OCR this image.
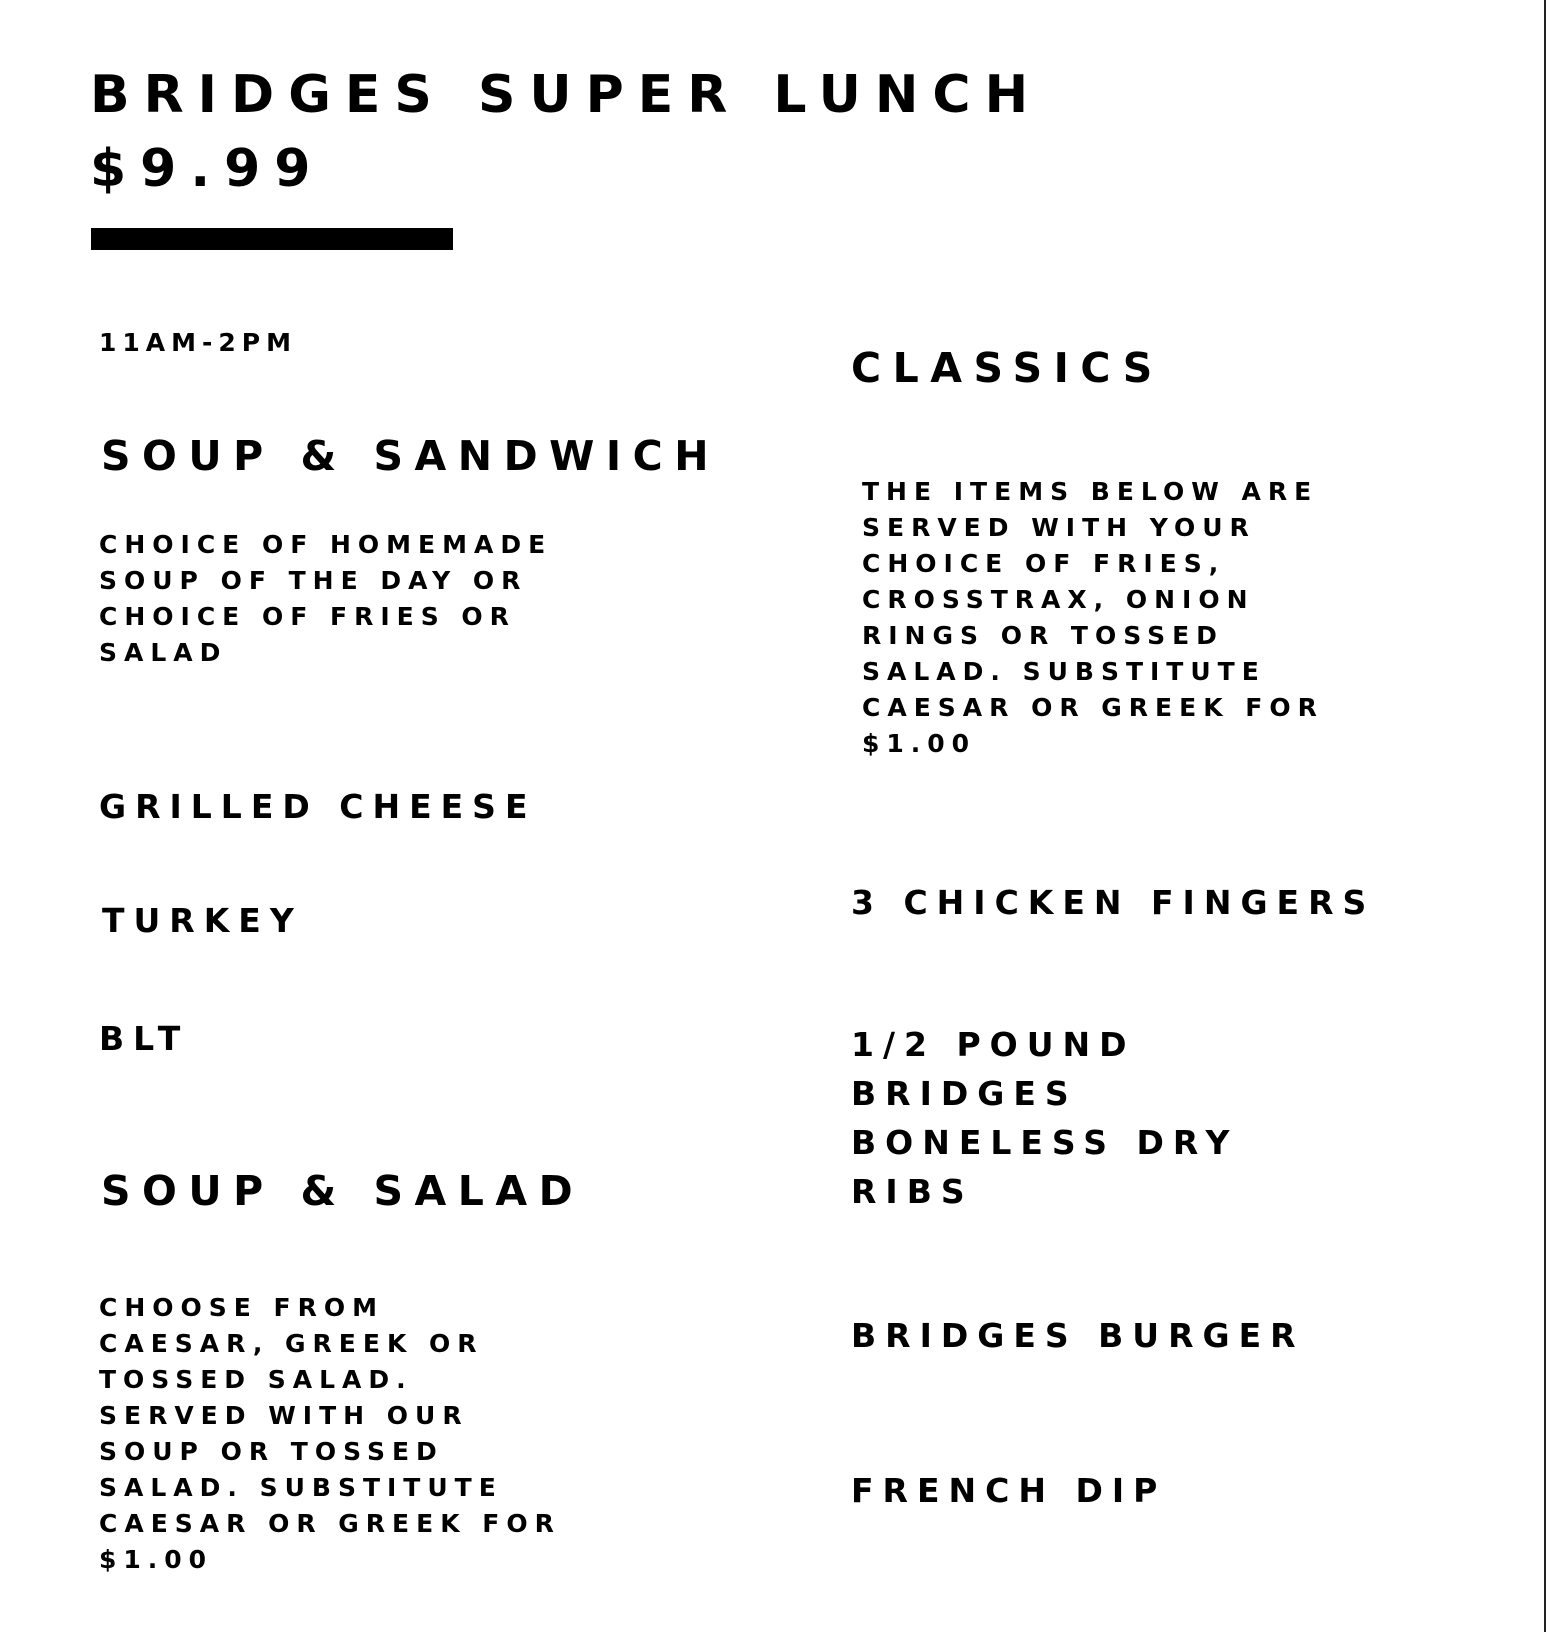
BRIDGES SUPER LUNCH
$9.99

11AM-2PM

SOUP & SANDWICH
CHOICE OF HOMEMADE
SOUP OF THE DAY OR
CHOICE OF FRIES OR
SALAD

GRILLED CHEESE

TURKEY

BLT

SOUP & SALAD
CHOOSE FROM
CAESAR, GREEK OR
TOSSED SALAD.
SERVED WITH OUR
SOUP OR TOSSED
SALAD. SUBSTITUTE
CAESAR OR GREEK FOR
$1.00
CLASSICS
THE ITEMS BELOW ARE
SERVED WITH YOUR
CHOICE OF FRIES,
CROSSTRAX, ONION
RINGS OR TOSSED
SALAD. SUBSTITUTE
CAESAR OR GREEK FOR
$1.00

3 CHICKEN FINGERS

1/2 POUND
BRIDGES
BONELESS DRY
RIBS

BRIDGES BURGER

FRENCH DIP
